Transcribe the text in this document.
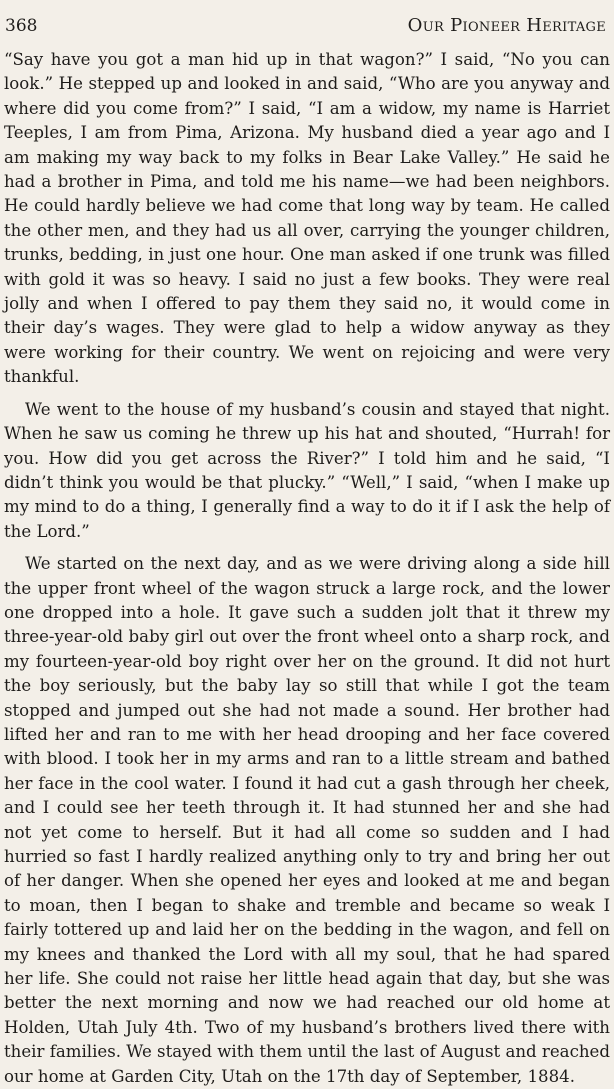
368	Our Pioneer Heritage

“Say have you got a man hid up in that wagon?” I said, “No you can look.” He stepped up and looked in and said, “Who are you anyway and where did you come from?” I said, “I am a widow, my name is Harriet Teeples, I am from Pima, Arizona. My husband died a year ago and I am making my way back to my folks in Bear Lake Valley.” He said he had a brother in Pima, and told me his name—we had been neighbors. He could hardly believe we had come that long way by team. He called the other men, and they had us all over, carrying the younger children, trunks, bedding, in just one hour. One man asked if one trunk was filled with gold it was so heavy. I said no just a few books. They were real jolly and when I offered to pay them they said no, it would come in their day’s wages. They were glad to help a widow anyway as they were working for their country. We went on rejoicing and were very thankful.

We went to the house of my husband’s cousin and stayed that night. When he saw us coming he threw up his hat and shouted, “Hurrah! for you. How did you get across the River?” I told him and he said, “I didn’t think you would be that plucky.” “Well,” I said, “when I make up my mind to do a thing, I generally find a way to do it if I ask the help of the Lord.”

We started on the next day, and as we were driving along a side hill the upper front wheel of the wagon struck a large rock, and the lower one dropped into a hole. It gave such a sudden jolt that it threw my three-year-old baby girl out over the front wheel onto a sharp rock, and my fourteen-year-old boy right over her on the ground. It did not hurt the boy seriously, but the baby lay so still that while I got the team stopped and jumped out she had not made a sound. Her brother had lifted her and ran to me with her head drooping and her face covered with blood. I took her in my arms and ran to a little stream and bathed her face in the cool water. I found it had cut a gash through her cheek, and I could see her teeth through it. It had stunned her and she had not yet come to herself. But it had all come so sudden and I had hurried so fast I hardly realized anything only to try and bring her out of her danger. When she opened her eyes and looked at me and began to moan, then I began to shake and tremble and became so weak I fairly tottered up and laid her on the bedding in the wagon, and fell on my knees and thanked the Lord with all my soul, that he had spared her life. She could not raise her little head again that day, but she was better the next morning and now we had reached our old home at Holden, Utah July 4th. Two of my husband’s brothers lived there with their families. We stayed with them until the last of August and reached our home at Garden City, Utah on the 17th day of September, 1884.
